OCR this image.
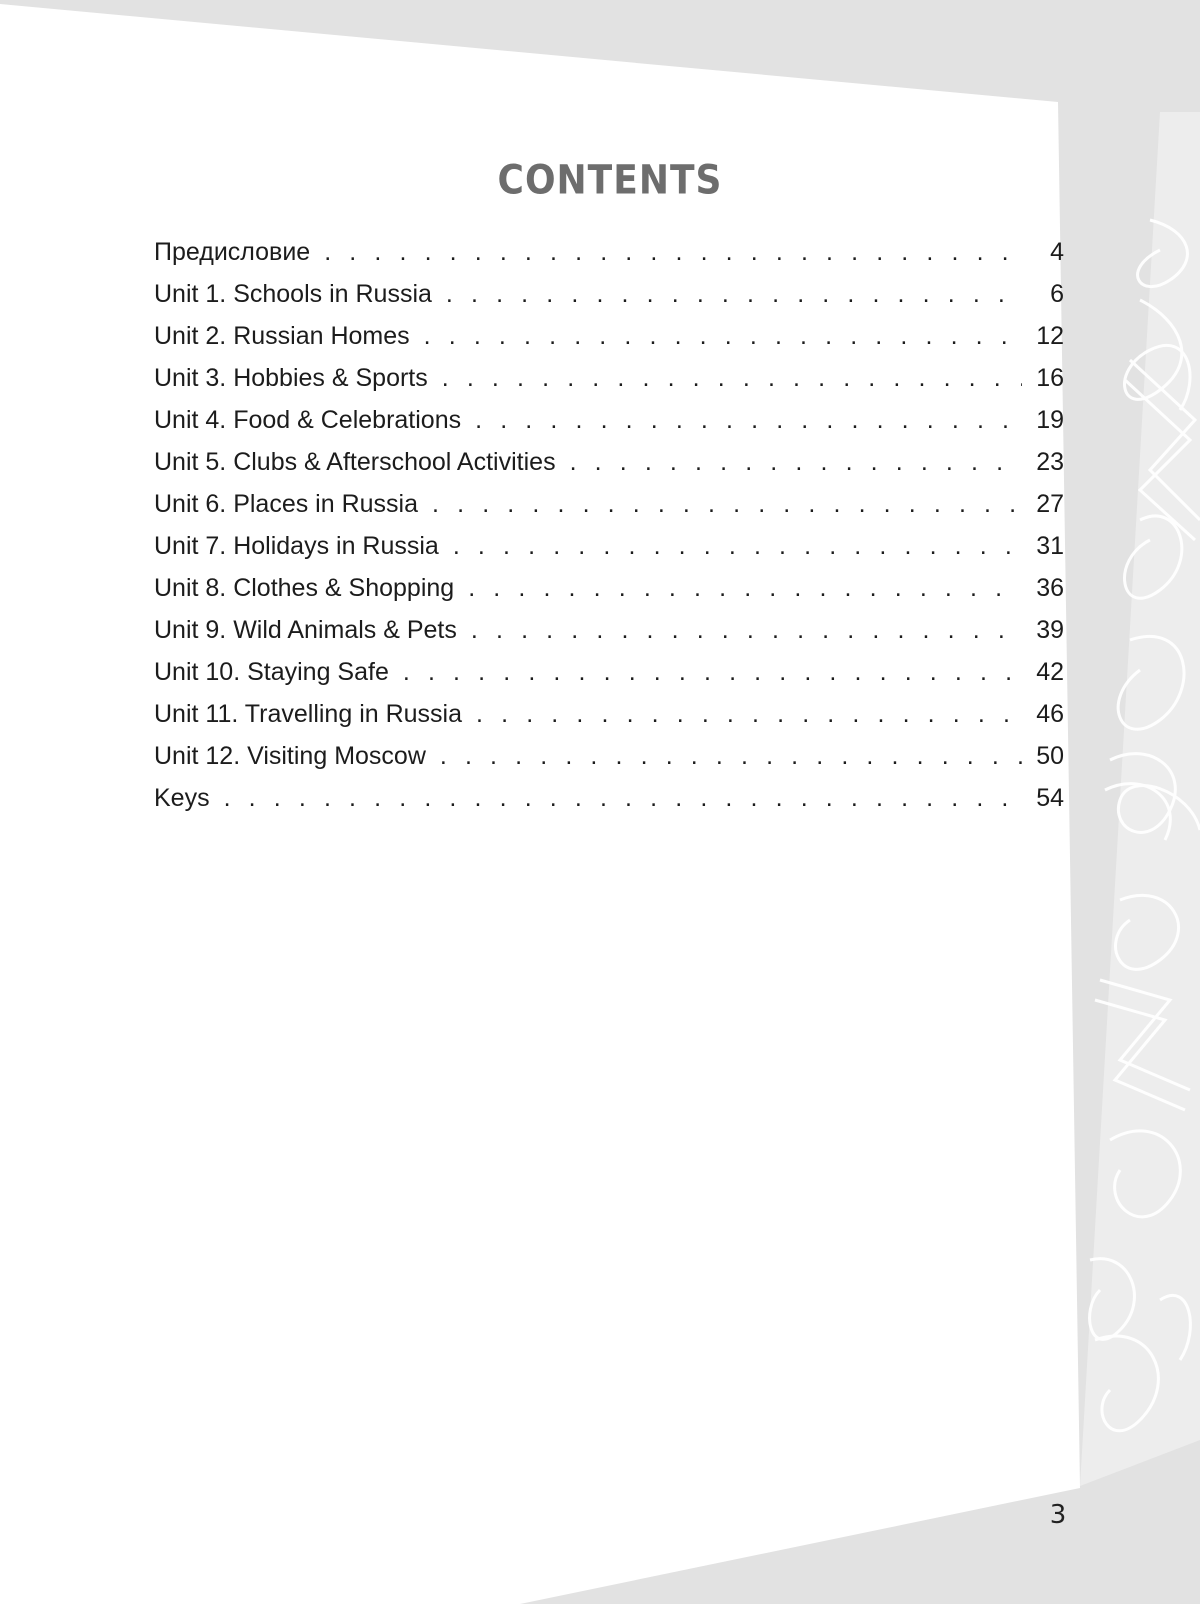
CONTENTS
Предисловие . . .	4
Unit 1. Schools in Russia . . .	6
Unit 2. Russian Homes . . .	12
Unit 3. Hobbies & Sports . . .	16
Unit 4. Food & Celebrations . . .	19
Unit 5. Clubs & Afterschool Activities . . .	23
Unit 6. Places in Russia . . .	27
Unit 7. Holidays in Russia . . .	31
Unit 8. Clothes & Shopping . . .	36
Unit 9. Wild Animals & Pets . . .	39
Unit 10. Staying Safe . . .	42
Unit 11. Travelling in Russia . . .	46
Unit 12. Visiting Moscow . . .	50
Keys . . .	54
3
